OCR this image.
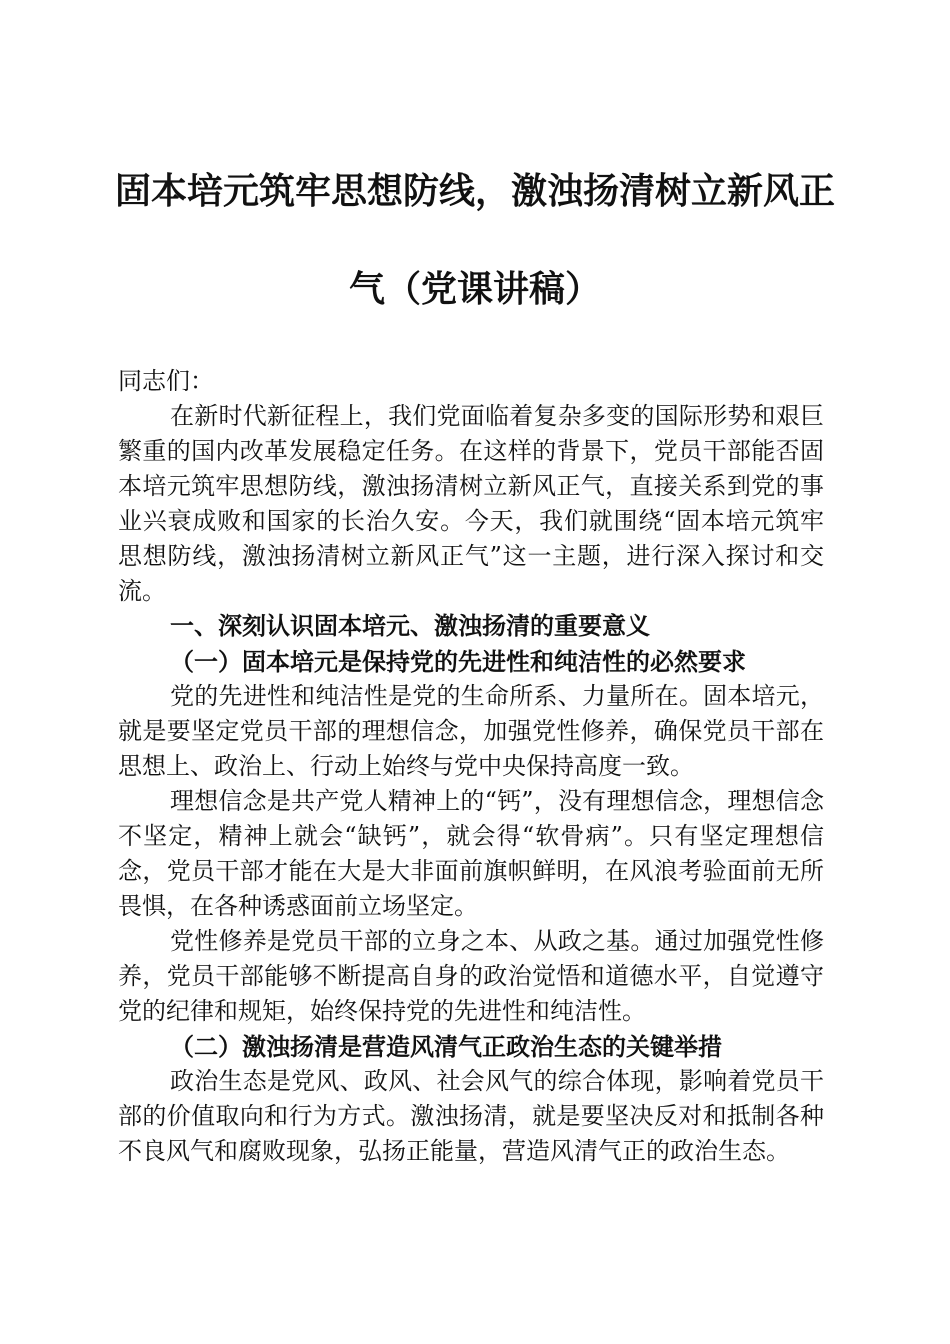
固本培元筑牢思想防线，激浊扬清树立新风正
气（党课讲稿）

同志们：

在新时代新征程上，我们党面临着复杂多变的国际形势和艰巨繁重的国内改革发展稳定任务。在这样的背景下，党员干部能否固本培元筑牢思想防线，激浊扬清树立新风正气，直接关系到党的事业兴衰成败和国家的长治久安。今天，我们就围绕“固本培元筑牢思想防线，激浊扬清树立新风正气”这一主题，进行深入探讨和交流。

一、深刻认识固本培元、激浊扬清的重要意义

（一）固本培元是保持党的先进性和纯洁性的必然要求

党的先进性和纯洁性是党的生命所系、力量所在。固本培元，就是要坚定党员干部的理想信念，加强党性修养，确保党员干部在思想上、政治上、行动上始终与党中央保持高度一致。

理想信念是共产党人精神上的“钙”，没有理想信念，理想信念不坚定，精神上就会“缺钙”，就会得“软骨病”。只有坚定理想信念，党员干部才能在大是大非面前旗帜鲜明，在风浪考验面前无所畏惧，在各种诱惑面前立场坚定。

党性修养是党员干部的立身之本、从政之基。通过加强党性修养，党员干部能够不断提高自身的政治觉悟和道德水平，自觉遵守党的纪律和规矩，始终保持党的先进性和纯洁性。

（二）激浊扬清是营造风清气正政治生态的关键举措

政治生态是党风、政风、社会风气的综合体现，影响着党员干部的价值取向和行为方式。激浊扬清，就是要坚决反对和抵制各种不良风气和腐败现象，弘扬正能量，营造风清气正的政治生态。
